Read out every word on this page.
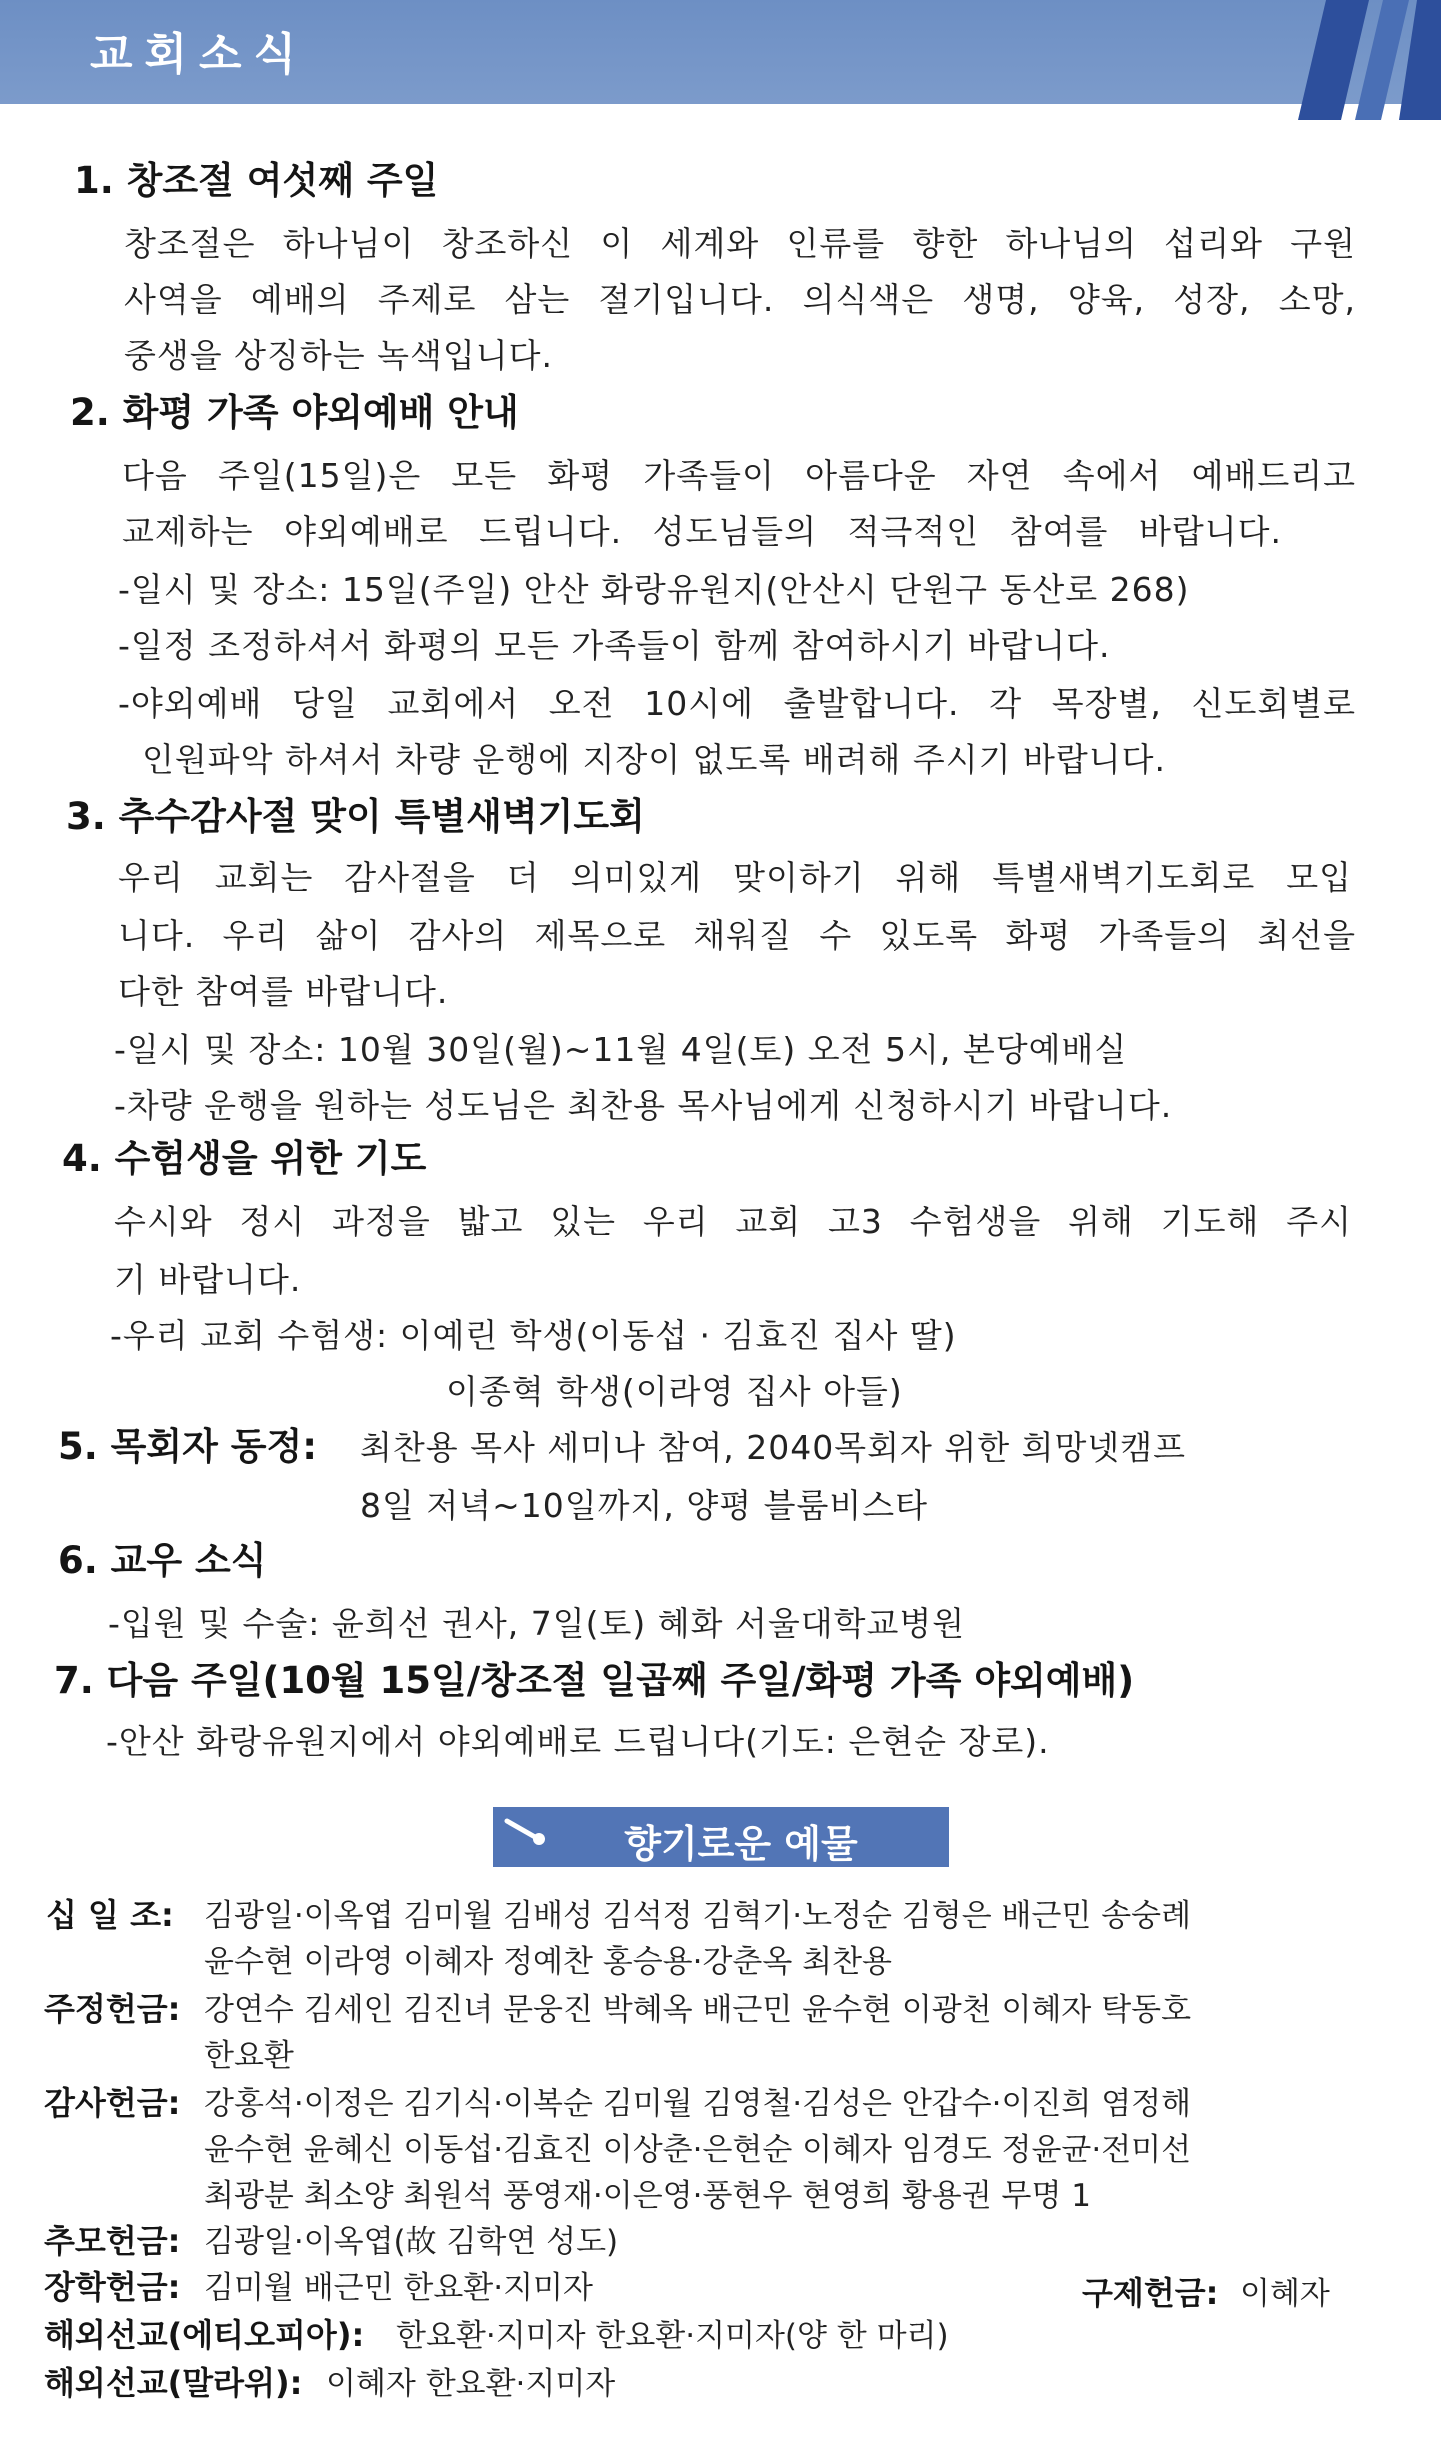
교회소식
1. 창조절 여섯째 주일
창조절은 하나님이 창조하신 이 세계와 인류를 향한 하나님의 섭리와 구원
사역을 예배의 주제로 삼는 절기입니다. 의식색은 생명, 양육, 성장, 소망,
중생을 상징하는 녹색입니다.
2. 화평 가족 야외예배 안내
다음 주일(15일)은 모든 화평 가족들이 아름다운 자연 속에서 예배드리고
교제하는 야외예배로 드립니다. 성도님들의 적극적인 참여를 바랍니다.
-일시 및 장소: 15일(주일) 안산 화랑유원지(안산시 단원구 동산로 268)
-일정 조정하셔서 화평의 모든 가족들이 함께 참여하시기 바랍니다.
-야외예배 당일 교회에서 오전 10시에 출발합니다. 각 목장별, 신도회별로
인원파악 하셔서 차량 운행에 지장이 없도록 배려해 주시기 바랍니다.
3. 추수감사절 맞이 특별새벽기도회
우리 교회는 감사절을 더 의미있게 맞이하기 위해 특별새벽기도회로 모입
니다. 우리 삶이 감사의 제목으로 채워질 수 있도록 화평 가족들의 최선을
다한 참여를 바랍니다.
-일시 및 장소: 10월 30일(월)~11월 4일(토) 오전 5시, 본당예배실
-차량 운행을 원하는 성도님은 최찬용 목사님에게 신청하시기 바랍니다.
4. 수험생을 위한 기도
수시와 정시 과정을 밟고 있는 우리 교회 고3 수험생을 위해 기도해 주시
기 바랍니다.
-우리 교회 수험생: 이예린 학생(이동섭 · 김효진 집사 딸)
이종혁 학생(이라영 집사 아들)
5. 목회자 동정: 최찬용 목사 세미나 참여, 2040목회자 위한 희망넷캠프
8일 저녁~10일까지, 양평 블룸비스타
6. 교우 소식
-입원 및 수술: 윤희선 권사, 7일(토) 혜화 서울대학교병원
7. 다음 주일(10월 15일/창조절 일곱째 주일/화평 가족 야외예배)
-안산 화랑유원지에서 야외예배로 드립니다(기도: 은현순 장로).
향기로운 예물
십 일 조: 김광일·이옥엽 김미월 김배성 김석정 김혁기·노정순 김형은 배근민 송숭례
윤수현 이라영 이혜자 정예찬 홍승용·강춘옥 최찬용
주정헌금: 강연수 김세인 김진녀 문웅진 박혜옥 배근민 윤수현 이광천 이혜자 탁동호
한요환
감사헌금: 강홍석·이정은 김기식·이복순 김미월 김영철·김성은 안갑수·이진희 염정해
윤수현 윤혜신 이동섭·김효진 이상춘·은현순 이혜자 임경도 정윤균·전미선
최광분 최소양 최원석 풍영재·이은영·풍현우 현영희 황용권 무명 1
추모헌금: 김광일·이옥엽(故 김학연 성도)
장학헌금: 김미월 배근민 한요환·지미자	구제헌금: 이혜자
해외선교(에티오피아): 한요환·지미자 한요환·지미자(양 한 마리)
해외선교(말라위): 이혜자 한요환·지미자
